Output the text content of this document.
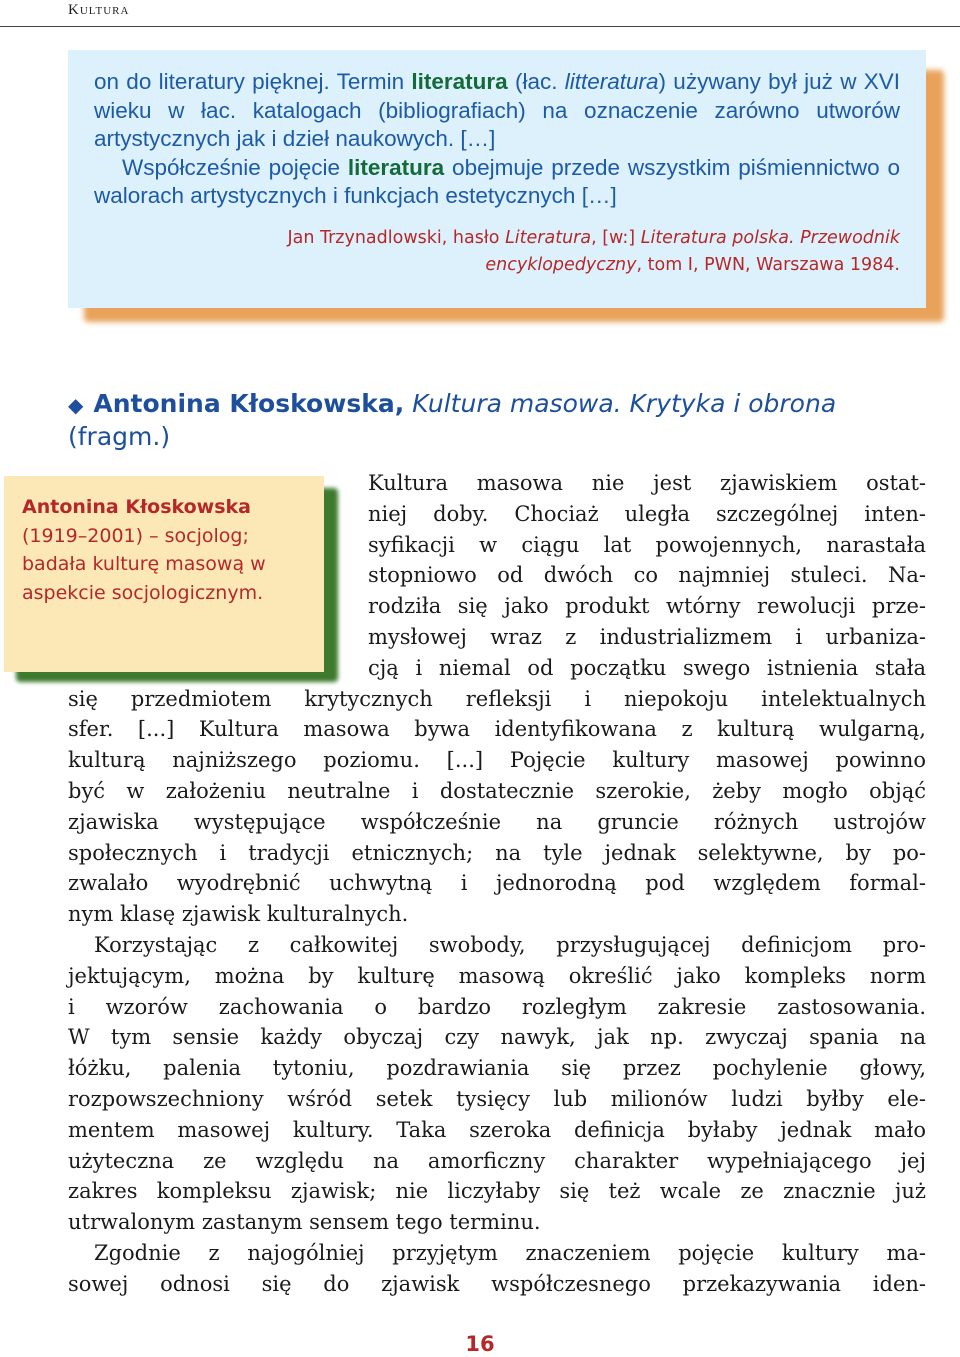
Kultura
on do literatury pięknej. Termin literatura (łac. litteratura) używany był już w XVI wieku w łac. katalogach (bibliografiach) na oznaczenie zarówno utworów artystycznych jak i dzieł naukowych. […]
Współcześnie pojęcie literatura obejmuje przede wszystkim piśmiennictwo o walorach artystycznych i funkcjach estetycznych […]
Jan Trzynadlowski, hasło Literatura, [w:] Literatura polska. Przewodnik encyklopedyczny, tom I, PWN, Warszawa 1984.
◆ Antonina Kłoskowska, Kultura masowa. Krytyka i obrona
(fragm.)
Kultura masowa nie jest zjawiskiem ostat-
niej doby. Chociaż uległa szczególnej inten-
syfikacji w ciągu lat powojennych, narastała
stopniowo od dwóch co najmniej stuleci. Na-
rodziła się jako produkt wtórny rewolucji prze-
mysłowej wraz z industrializmem i urbaniza-
cją i niemal od początku swego istnienia stała
się przedmiotem krytycznych refleksji i niepokoju intelektualnych
sfer. [...] Kultura masowa bywa identyfikowana z kulturą wulgarną,
kulturą najniższego poziomu. [...] Pojęcie kultury masowej powinno
być w założeniu neutralne i dostatecznie szerokie, żeby mogło objąć
zjawiska występujące współcześnie na gruncie różnych ustrojów
społecznych i tradycji etnicznych; na tyle jednak selektywne, by po-
zwalało wyodrębnić uchwytną i jednorodną pod względem formal-
nym klasę zjawisk kulturalnych.
Korzystając z całkowitej swobody, przysługującej definicjom pro-
jektującym, można by kulturę masową określić jako kompleks norm
i wzorów zachowania o bardzo rozległym zakresie zastosowania.
W tym sensie każdy obyczaj czy nawyk, jak np. zwyczaj spania na
łóżku, palenia tytoniu, pozdrawiania się przez pochylenie głowy,
rozpowszechniony wśród setek tysięcy lub milionów ludzi byłby ele-
mentem masowej kultury. Taka szeroka definicja byłaby jednak mało
użyteczna ze względu na amorficzny charakter wypełniającego jej
zakres kompleksu zjawisk; nie liczyłaby się też wcale ze znacznie już
utrwalonym zastanym sensem tego terminu.
Zgodnie z najogólniej przyjętym znaczeniem pojęcie kultury ma-
sowej odnosi się do zjawisk współczesnego przekazywania iden-
Antonina Kłoskowska
(1919–2001) – socjolog; badała kulturę masową w aspekcie socjologicznym.
16
